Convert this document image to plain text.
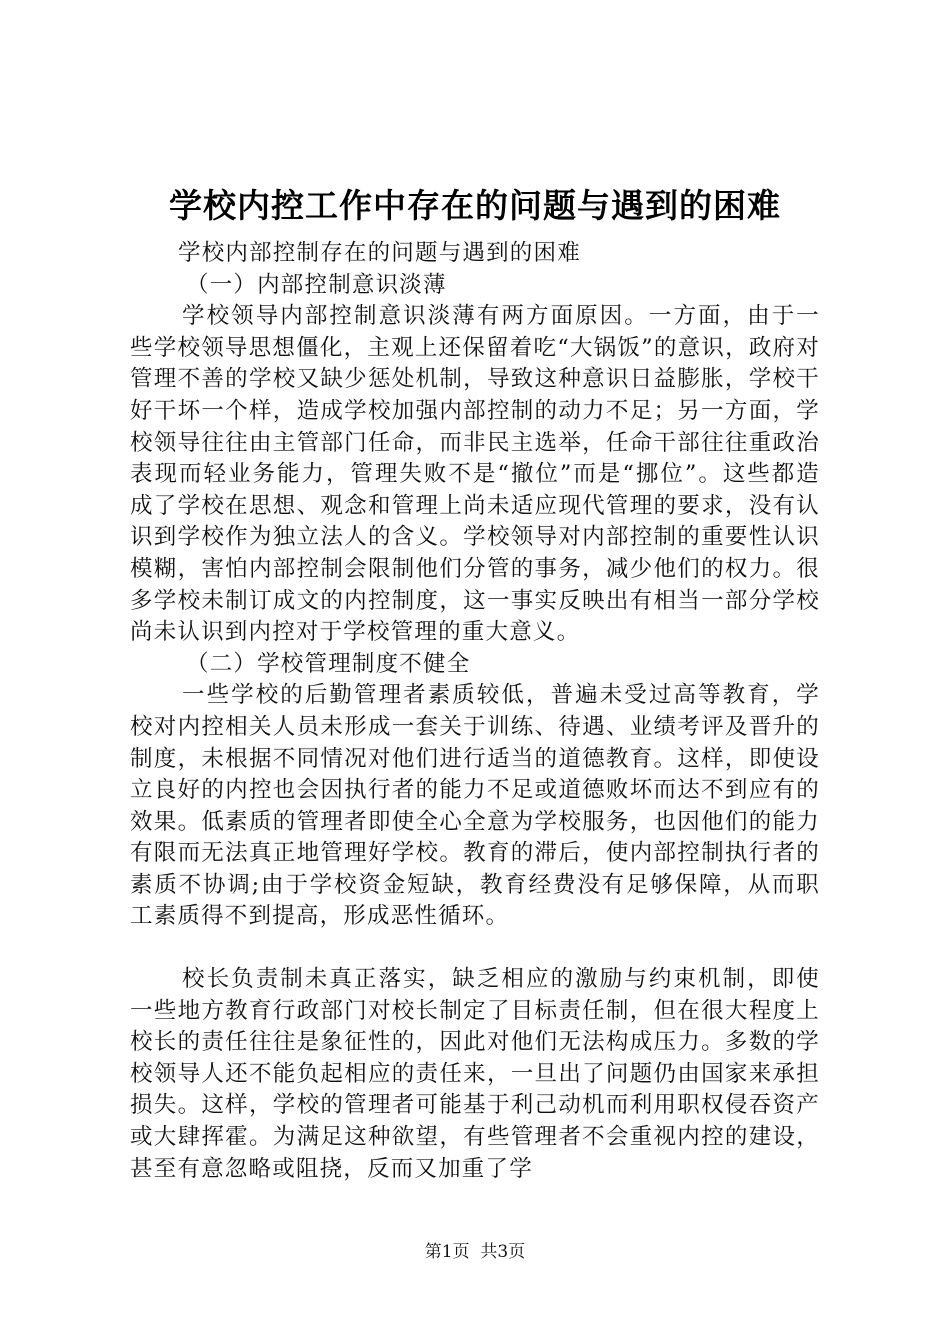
学校内控工作中存在的问题与遇到的困难

学校内部控制存在的问题与遇到的困难

（一）内部控制意识淡薄

学校领导内部控制意识淡薄有两方面原因。一方面，由于一些学校领导思想僵化，主观上还保留着吃“大锅饭”的意识，政府对管理不善的学校又缺少惩处机制，导致这种意识日益膨胀，学校干好干坏一个样，造成学校加强内部控制的动力不足；另一方面，学校领导往往由主管部门任命，而非民主选举，任命干部往往重政治表现而轻业务能力，管理失败不是“撤位”而是“挪位”。这些都造成了学校在思想、观念和管理上尚未适应现代管理的要求，没有认识到学校作为独立法人的含义。学校领导对内部控制的重要性认识模糊，害怕内部控制会限制他们分管的事务，减少他们的权力。很多学校未制订成文的内控制度，这一事实反映出有相当一部分学校尚未认识到内控对于学校管理的重大意义。

（二）学校管理制度不健全

一些学校的后勤管理者素质较低，普遍未受过高等教育，学校对内控相关人员未形成一套关于训练、待遇、业绩考评及晋升的制度，未根据不同情况对他们进行适当的道德教育。这样，即使设立良好的内控也会因执行者的能力不足或道德败坏而达不到应有的效果。低素质的管理者即使全心全意为学校服务，也因他们的能力有限而无法真正地管理好学校。教育的滞后，使内部控制执行者的素质不协调;由于学校资金短缺，教育经费没有足够保障，从而职工素质得不到提高，形成恶性循环。

校长负责制未真正落实，缺乏相应的激励与约束机制，即使一些地方教育行政部门对校长制定了目标责任制，但在很大程度上校长的责任往往是象征性的，因此对他们无法构成压力。多数的学校领导人还不能负起相应的责任来，一旦出了问题仍由国家来承担损失。这样，学校的管理者可能基于利己动机而利用职权侵吞资产或大肆挥霍。为满足这种欲望，有些管理者不会重视内控的建设，甚至有意忽略或阻挠，反而又加重了学

第1页 共3页
